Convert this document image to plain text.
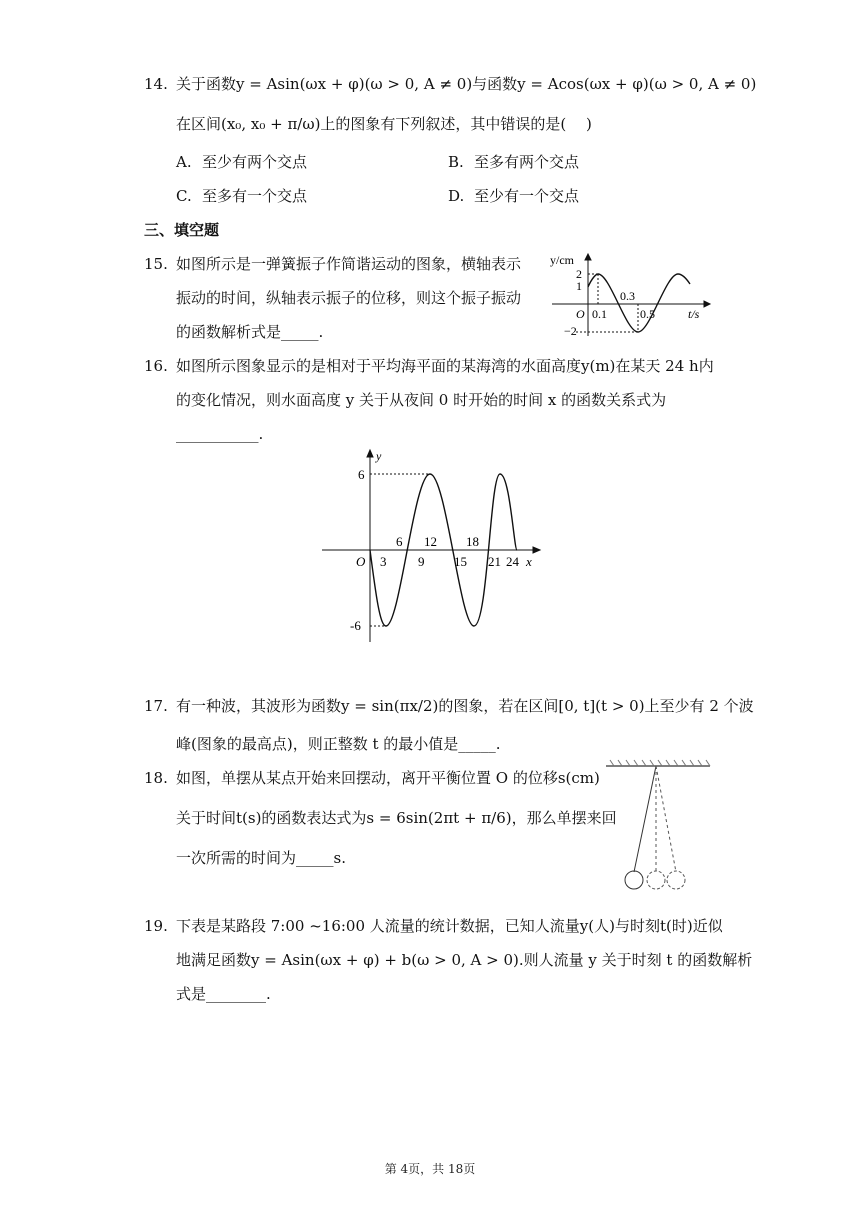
14. 关于函数y = Asin(ωx + φ)(ω > 0, A ≠ 0)与函数y = Acos(ωx + φ)(ω > 0, A ≠ 0)
在区间(x₀, x₀ + π/ω)上的图象有下列叙述，其中错误的是(　 )
A. 至少有两个交点	B. 至多有两个交点
C. 至多有一个交点	D. 至少有一个交点
三、填空题
15. 如图所示是一弹簧振子作简谐运动的图象，横轴表示
振动的时间，纵轴表示振子的位移，则这个振子振动
的函数解析式是_____.
y/cm
2
1
−2
O 0.1
0.3
0.5	t/s
16. 如图所示图象显示的是相对于平均海平面的某海湾的水面高度y(m)在某天 24 h内
的变化情况，则水面高度 y 关于从夜间 0 时开始的时间 x 的函数关系式为
___________.
y
6
-6
O
6 12 18
3 9 15 21 24 x
17. 有一种波，其波形为函数y = sin(πx/2)的图象，若在区间[0, t](t > 0)上至少有 2 个波
峰(图象的最高点)，则正整数 t 的最小值是_____.
18. 如图，单摆从某点开始来回摆动，离开平衡位置 O 的位移s(cm)
关于时间t(s)的函数表达式为s = 6sin(2πt + π/6)，那么单摆来回
一次所需的时间为_____s.
19. 下表是某路段 7:00 ~16:00 人流量的统计数据，已知人流量y(人)与时刻t(时)近似
地满足函数y = Asin(ωx + φ) + b(ω > 0, A > 0).则人流量 y 关于时刻 t 的函数解析
式是________.
第 4页，共 18页
